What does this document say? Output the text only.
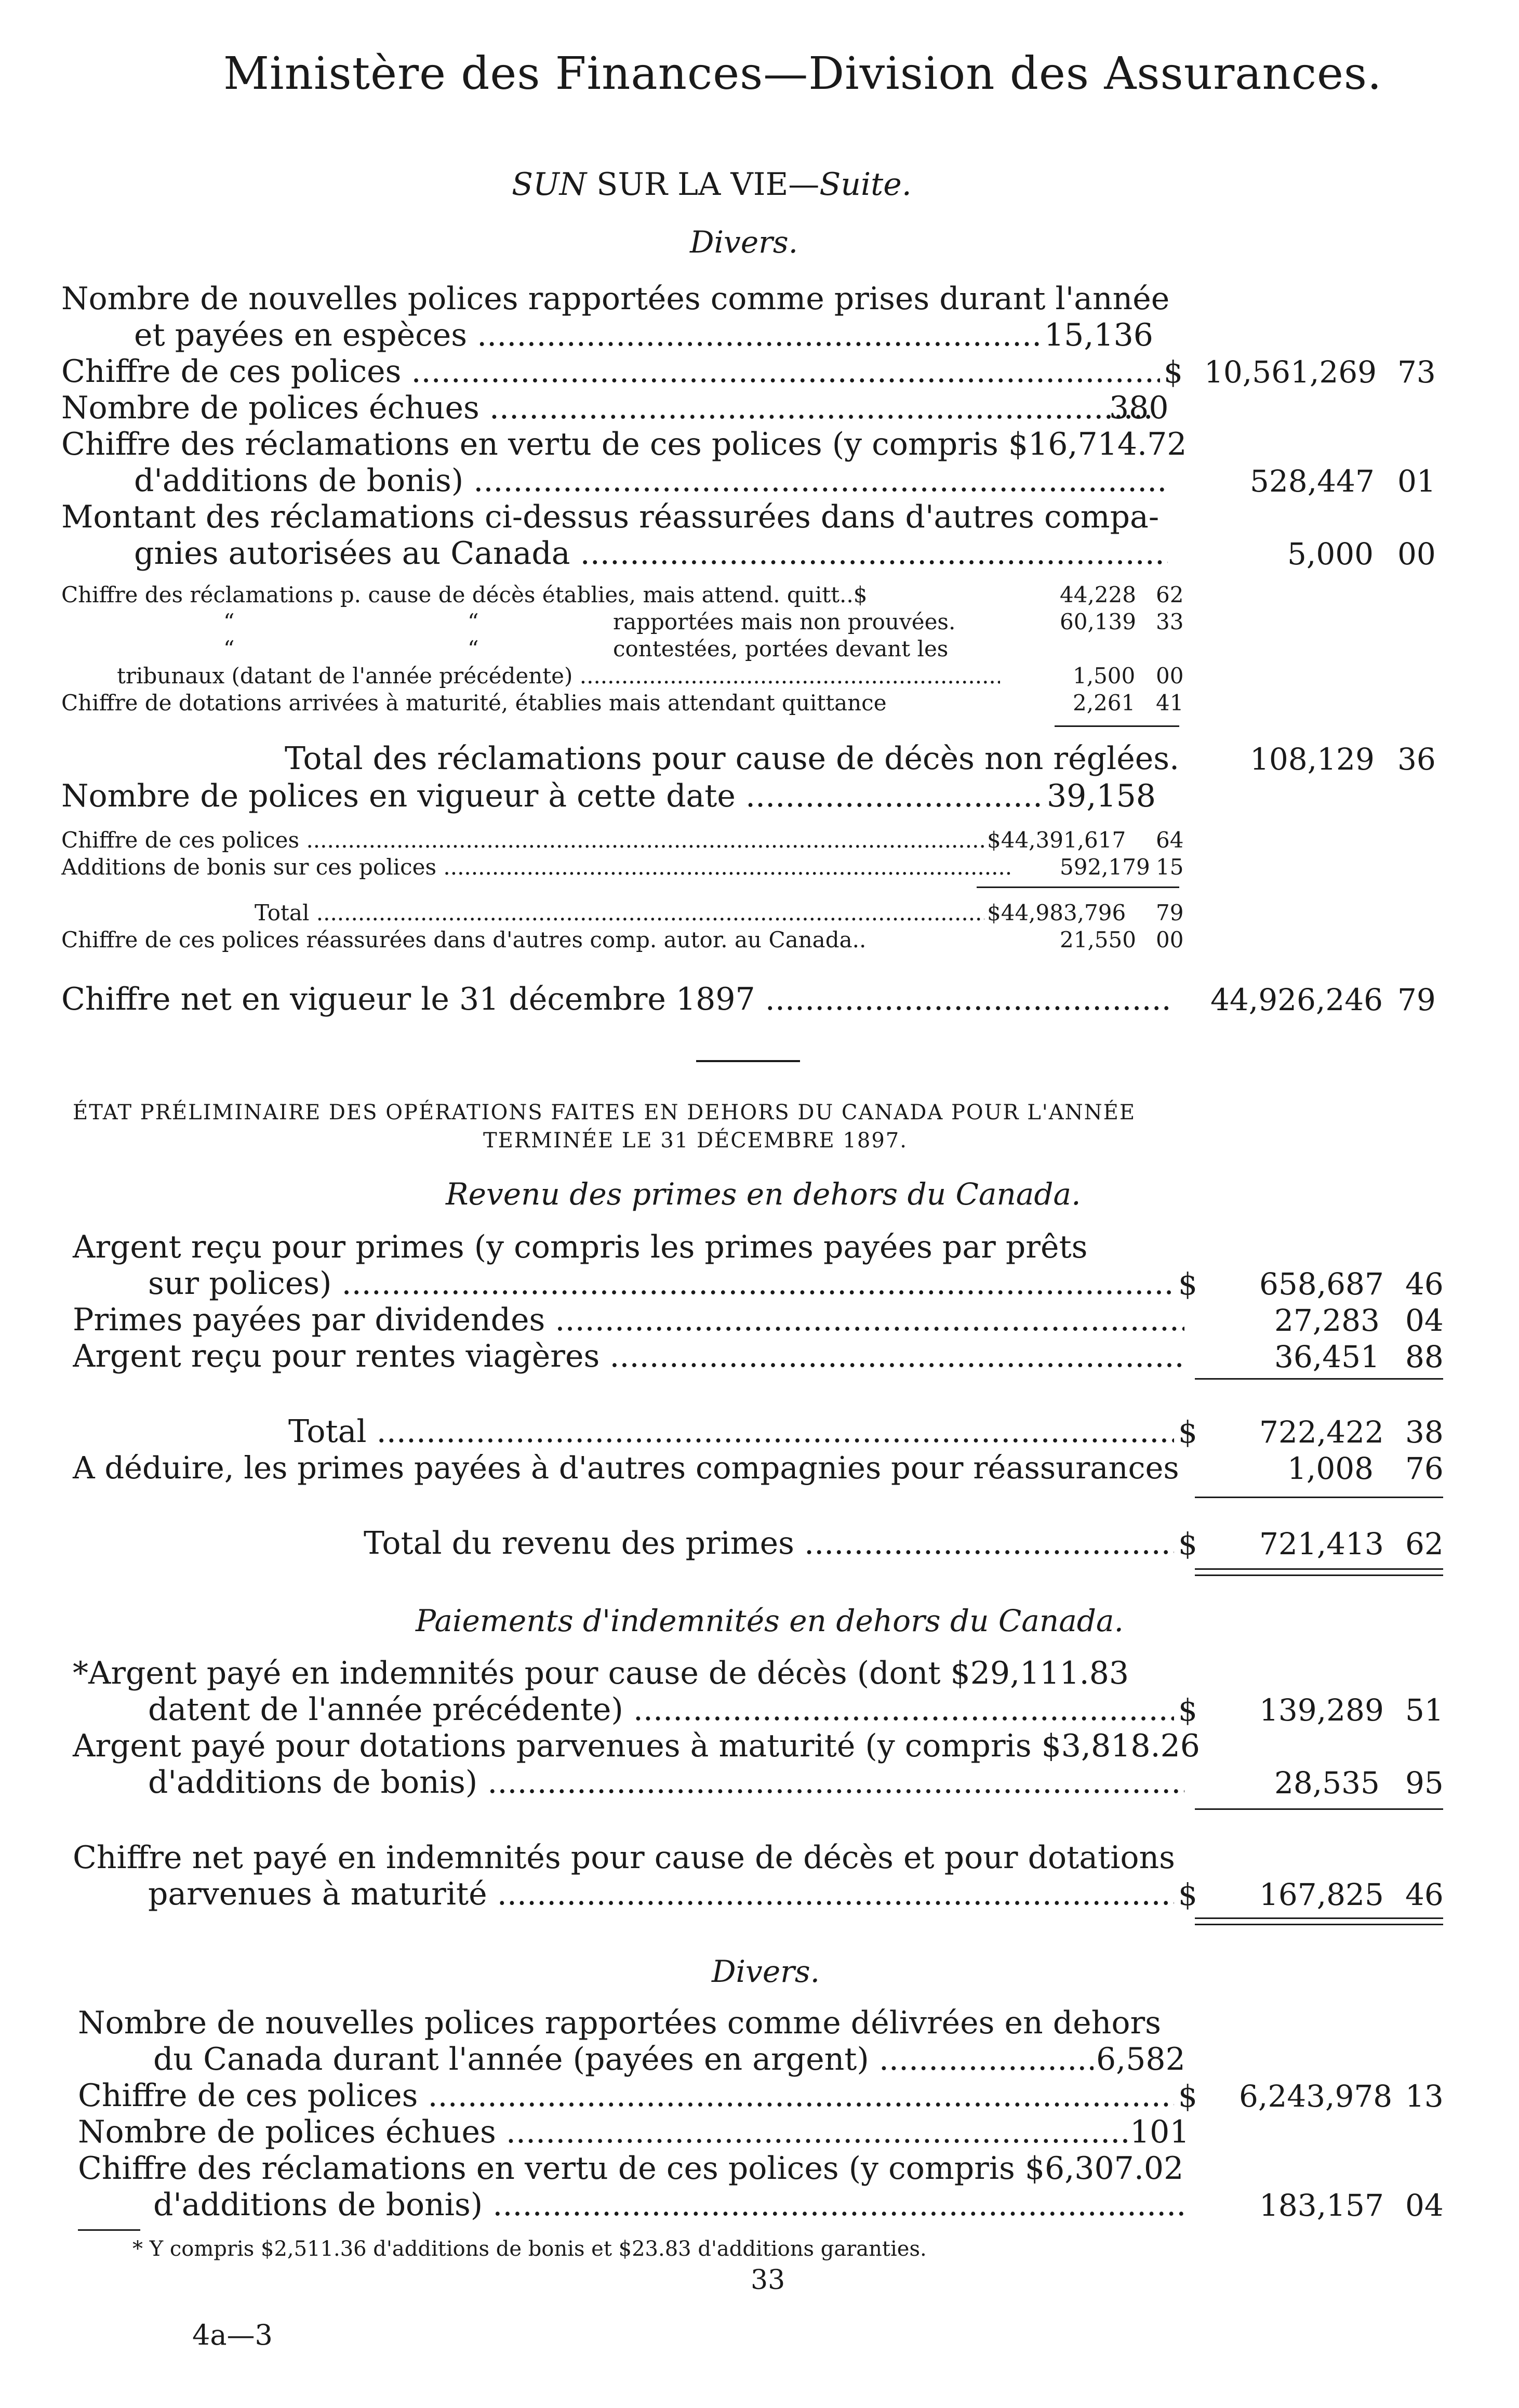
Ministère des Finances—Division des Assurances.
SUN SUR LA VIE—Suite.
Divers.
Nombre de nouvelles polices rapportées comme prises durant l'année
et payées en espèces .....	15,136
Chiffre de ces polices .....	$ 10,561,269 73
Nombre de polices échues .....	380
Chiffre des réclamations en vertu de ces polices (y compris $16,714.72
d'additions de bonis) .....	528,447 01
Montant des réclamations ci-dessus réassurées dans d'autres compa-
gnies autorisées au Canada .....	5,000 00
Chiffre des réclamations p. cause de décès établies, mais attend. quitt..$	44,228 62
“	“	rapportées mais non prouvées.	60,139 33
“	“	contestées, portées devant les
tribunaux (datant de l'année précédente) .....	1,500 00
Chiffre de dotations arrivées à maturité, établies mais attendant quittance	2,261 41
Total des réclamations pour cause de décès non réglées. 108,129 36
Nombre de polices en vigueur à cette date .....	39,158
Chiffre de ces polices .....	$44,391,617 64
Additions de bonis sur ces polices .....	592,179 15
Total .....	$44,983,796 79
Chiffre de ces polices réassurées dans d'autres comp. autor. au Canada..	21,550 00
Chiffre net en vigueur le 31 décembre 1897 .....	44,926,246 79
ÉTAT PRÉLIMINAIRE DES OPÉRATIONS FAITES EN DEHORS DU CANADA POUR L'ANNÉE
TERMINÉE LE 31 DÉCEMBRE 1897.
Revenu des primes en dehors du Canada.
Argent reçu pour primes (y compris les primes payées par prêts
sur polices) .....	$ 658,687 46
Primes payées par dividendes .....	27,283 04
Argent reçu pour rentes viagères .....	36,451 88
Total .....	$ 722,422 38
A déduire, les primes payées à d'autres compagnies pour réassurances	1,008 76
Total du revenu des primes .....	$ 721,413 62
Paiements d'indemnités en dehors du Canada.
*Argent payé en indemnités pour cause de décès (dont $29,111.83
datent de l'année précédente) .....	$ 139,289 51
Argent payé pour dotations parvenues à maturité (y compris $3,818.26
d'additions de bonis) .....	28,535 95
Chiffre net payé en indemnités pour cause de décès et pour dotations
parvenues à maturité .....	$ 167,825 46
Divers.
Nombre de nouvelles polices rapportées comme délivrées en dehors
du Canada durant l'année (payées en argent) .....	6,582
Chiffre de ces polices .....	$ 6,243,978 13
Nombre de polices échues .....	101
Chiffre des réclamations en vertu de ces polices (y compris $6,307.02
d'additions de bonis) .....	183,157 04
* Y compris $2,511.36 d'additions de bonis et $23.83 d'additions garanties.
33
4a—3
